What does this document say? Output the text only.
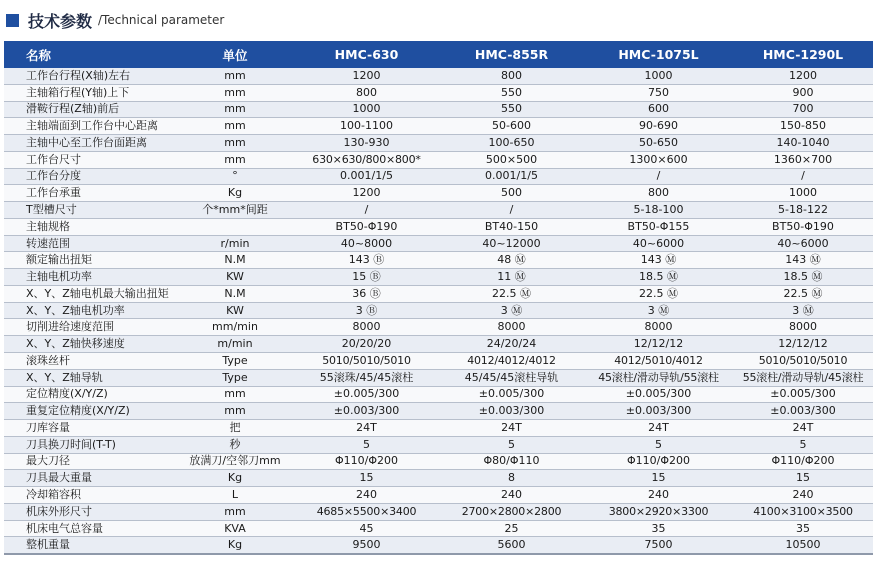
技术参数 /Technical parameter
名称	单位	HMC-630	HMC-855R	HMC-1075L	HMC-1290L
工作台行程(X轴)左右	mm	1200	800	1000	1200
主轴箱行程(Y轴)上下	mm	800	550	750	900
滑鞍行程(Z轴)前后	mm	1000	550	600	700
主轴端面到工作台中心距离	mm	100-1100	50-600	90-690	150-850
主轴中心至工作台面距离	mm	130-930	100-650	50-650	140-1040
工作台尺寸	mm	630×630/800×800*	500×500	1300×600	1360×700
工作台分度	°	0.001/1/5	0.001/1/5	/	/
工作台承重	Kg	1200	500	800	1000
T型槽尺寸	个*mm*间距	/	/	5-18-100	5-18-122
主轴规格		BT50-Φ190	BT40-150	BT50-Φ155	BT50-Φ190
转速范围	r/min	40~8000	40~12000	40~6000	40~6000
额定输出扭矩	N.M	143 Ⓑ	48 Ⓜ	143 Ⓜ	143 Ⓜ
主轴电机功率	KW	15 Ⓑ	11 Ⓜ	18.5 Ⓜ	18.5 Ⓜ
X、Y、Z轴电机最大输出扭矩	N.M	36 Ⓑ	22.5 Ⓜ	22.5 Ⓜ	22.5 Ⓜ
X、Y、Z轴电机功率	KW	3 Ⓑ	3 Ⓜ	3 Ⓜ	3 Ⓜ
切削进给速度范围	mm/min	8000	8000	8000	8000
X、Y、Z轴快移速度	m/min	20/20/20	24/20/24	12/12/12	12/12/12
滚珠丝杆	Type	5010/5010/5010	4012/4012/4012	4012/5010/4012	5010/5010/5010
X、Y、Z轴导轨	Type	55滚珠/45/45滚柱	45/45/45滚柱导轨	45滚柱/滑动导轨/55滚柱	55滚柱/滑动导轨/45滚柱
定位精度(X/Y/Z)	mm	±0.005/300	±0.005/300	±0.005/300	±0.005/300
重复定位精度(X/Y/Z)	mm	±0.003/300	±0.003/300	±0.003/300	±0.003/300
刀库容量	把	24T	24T	24T	24T
刀具换刀时间(T-T)	秒	5	5	5	5
最大刀径	放满刀/空邻刀mm	Φ110/Φ200	Φ80/Φ110	Φ110/Φ200	Φ110/Φ200
刀具最大重量	Kg	15	8	15	15
冷却箱容积	L	240	240	240	240
机床外形尺寸	mm	4685×5500×3400	2700×2800×2800	3800×2920×3300	4100×3100×3500
机床电气总容量	KVA	45	25	35	35
整机重量	Kg	9500	5600	7500	10500
